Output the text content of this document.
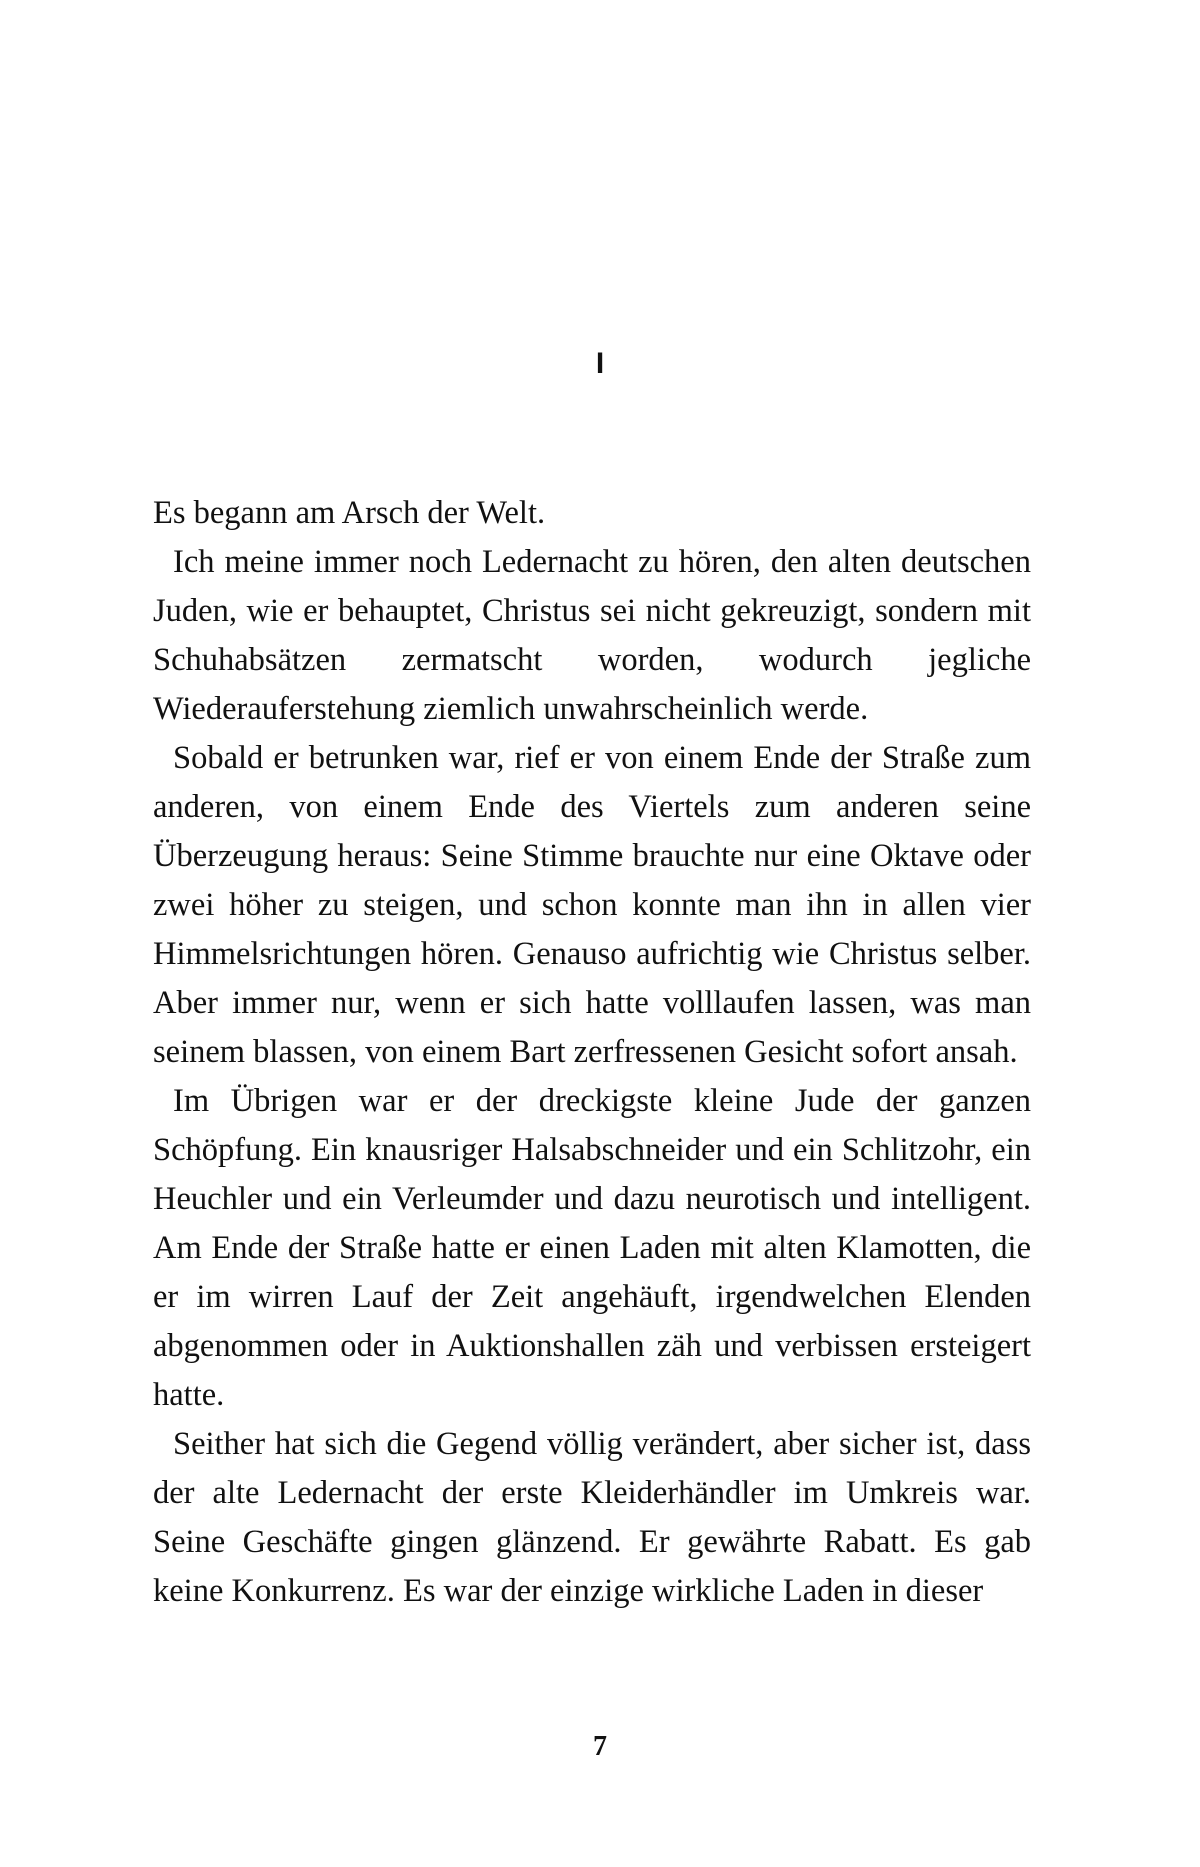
I

Es begann am Arsch der Welt.

Ich meine immer noch Ledernacht zu hören, den alten deutschen Juden, wie er behauptet, Christus sei nicht gekreuzigt, sondern mit Schuhabsätzen zermatscht worden, wodurch jegliche Wiederauferstehung ziemlich unwahrscheinlich werde.

Sobald er betrunken war, rief er von einem Ende der Straße zum anderen, von einem Ende des Viertels zum anderen seine Überzeugung heraus: Seine Stimme brauchte nur eine Oktave oder zwei höher zu steigen, und schon konnte man ihn in allen vier Himmelsrichtungen hören. Genauso aufrichtig wie Christus selber. Aber immer nur, wenn er sich hatte volllaufen lassen, was man seinem blassen, von einem Bart zerfressenen Gesicht sofort ansah.

Im Übrigen war er der dreckigste kleine Jude der ganzen Schöpfung. Ein knausriger Halsabschneider und ein Schlitzohr, ein Heuchler und ein Verleumder und dazu neurotisch und intelligent. Am Ende der Straße hatte er einen Laden mit alten Klamotten, die er im wirren Lauf der Zeit angehäuft, irgendwelchen Elenden abgenommen oder in Auktionshallen zäh und verbissen ersteigert hatte.

Seither hat sich die Gegend völlig verändert, aber sicher ist, dass der alte Ledernacht der erste Kleiderhändler im Umkreis war. Seine Geschäfte gingen glänzend. Er gewährte Rabatt. Es gab keine Konkurrenz. Es war der einzige wirkliche Laden in dieser

7
